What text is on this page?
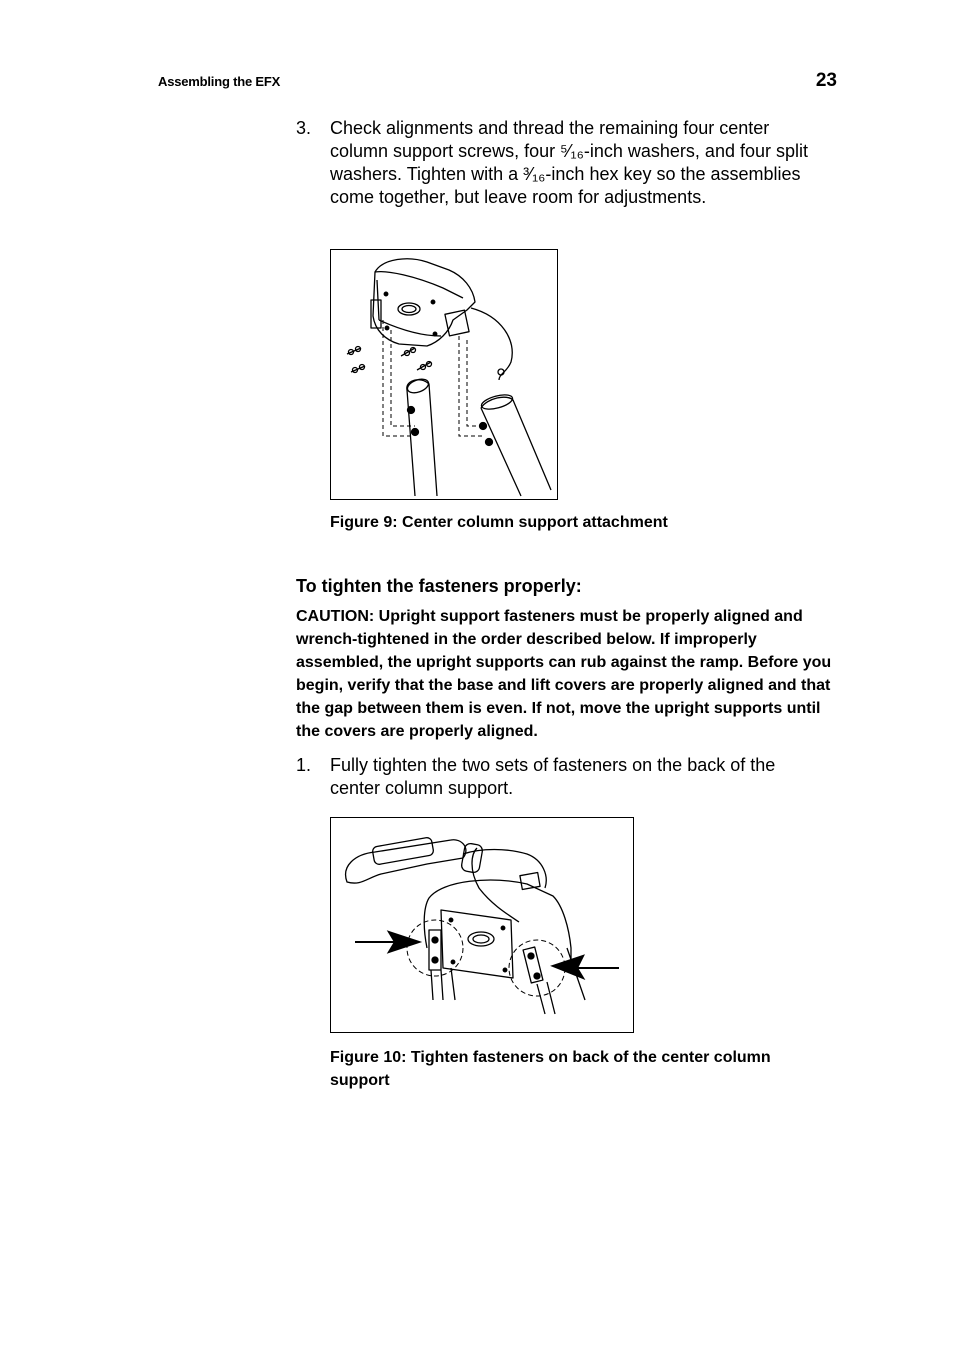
Assembling the EFX	23
3. Check alignments and thread the remaining four center column support screws, four ⁵⁄₁₆-inch washers, and four split washers. Tighten with a ³⁄₁₆-inch hex key so the assemblies come together, but leave room for adjustments.
Figure 9: Center column support attachment
To tighten the fasteners properly:
CAUTION: Upright support fasteners must be properly aligned and wrench-tightened in the order described below. If improperly assembled, the upright supports can rub against the ramp. Before you begin, verify that the base and lift covers are properly aligned and that the gap between them is even. If not, move the upright supports until the covers are properly aligned.
1. Fully tighten the two sets of fasteners on the back of the center column support.
Figure 10: Tighten fasteners on back of the center column support
